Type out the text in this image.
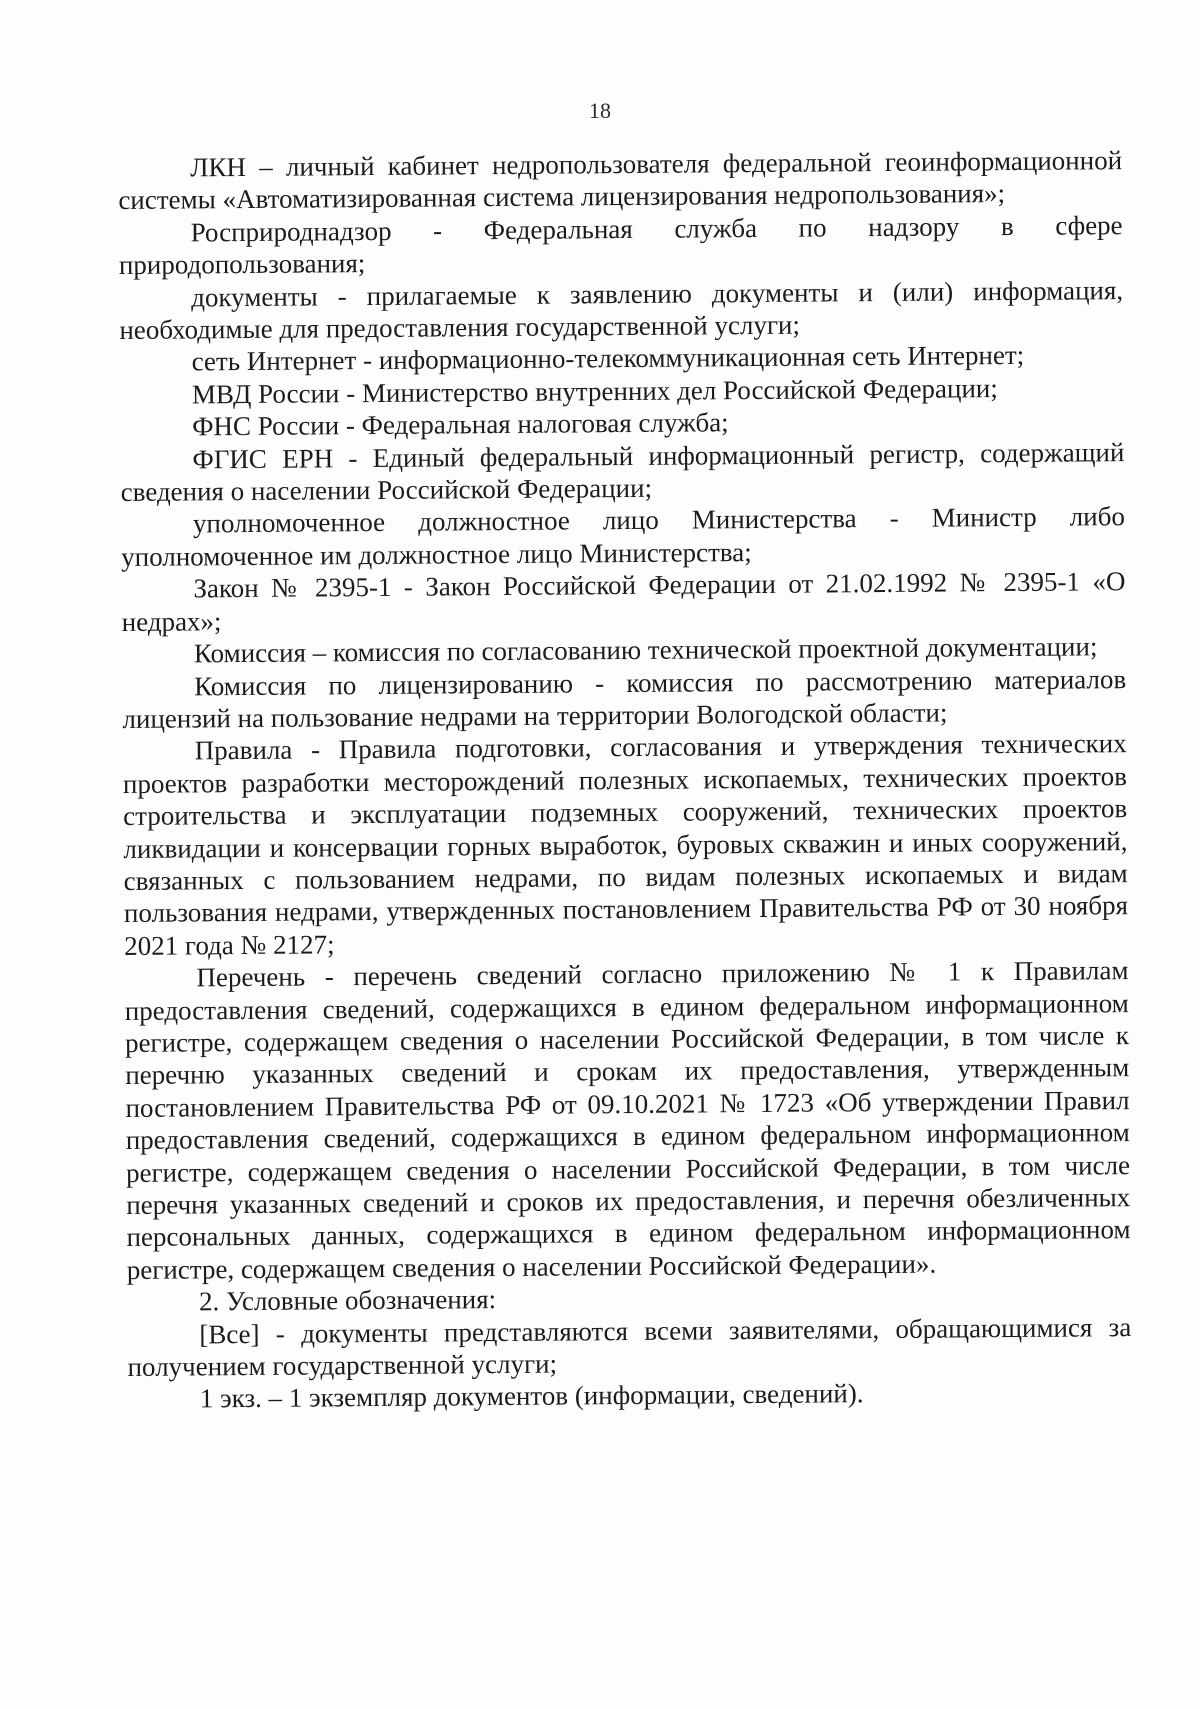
18

ЛКН – личный кабинет недропользователя федеральной геоинформационной системы «Автоматизированная система лицензирования недропользования»;

Росприроднадзор - Федеральная служба по надзору в сфере природопользования;

документы - прилагаемые к заявлению документы и (или) информация, необходимые для предоставления государственной услуги;

сеть Интернет - информационно-телекоммуникационная сеть Интернет;

МВД России - Министерство внутренних дел Российской Федерации;

ФНС России - Федеральная налоговая служба;

ФГИС ЕРН - Единый федеральный информационный регистр, содержащий сведения о населении Российской Федерации;

уполномоченное должностное лицо Министерства - Министр либо уполномоченное им должностное лицо Министерства;

Закон № 2395-1 - Закон Российской Федерации от 21.02.1992 № 2395-1 «О недрах»;

Комиссия – комиссия по согласованию технической проектной документации;

Комиссия по лицензированию - комиссия по рассмотрению материалов лицензий на пользование недрами на территории Вологодской области;

Правила - Правила подготовки, согласования и утверждения технических проектов разработки месторождений полезных ископаемых, технических проектов строительства и эксплуатации подземных сооружений, технических проектов ликвидации и консервации горных выработок, буровых скважин и иных сооружений, связанных с пользованием недрами, по видам полезных ископаемых и видам пользования недрами, утвержденных постановлением Правительства РФ от 30 ноября 2021 года № 2127;

Перечень - перечень сведений согласно приложению № 1 к Правилам предоставления сведений, содержащихся в едином федеральном информационном регистре, содержащем сведения о населении Российской Федерации, в том числе к перечню указанных сведений и срокам их предоставления, утвержденным постановлением Правительства РФ от 09.10.2021 № 1723 «Об утверждении Правил предоставления сведений, содержащихся в едином федеральном информационном регистре, содержащем сведения о населении Российской Федерации, в том числе перечня указанных сведений и сроков их предоставления, и перечня обезличенных персональных данных, содержащихся в едином федеральном информационном регистре, содержащем сведения о населении Российской Федерации».

2. Условные обозначения:

[Все] - документы представляются всеми заявителями, обращающимися за получением государственной услуги;

1 экз. – 1 экземпляр документов (информации, сведений).
